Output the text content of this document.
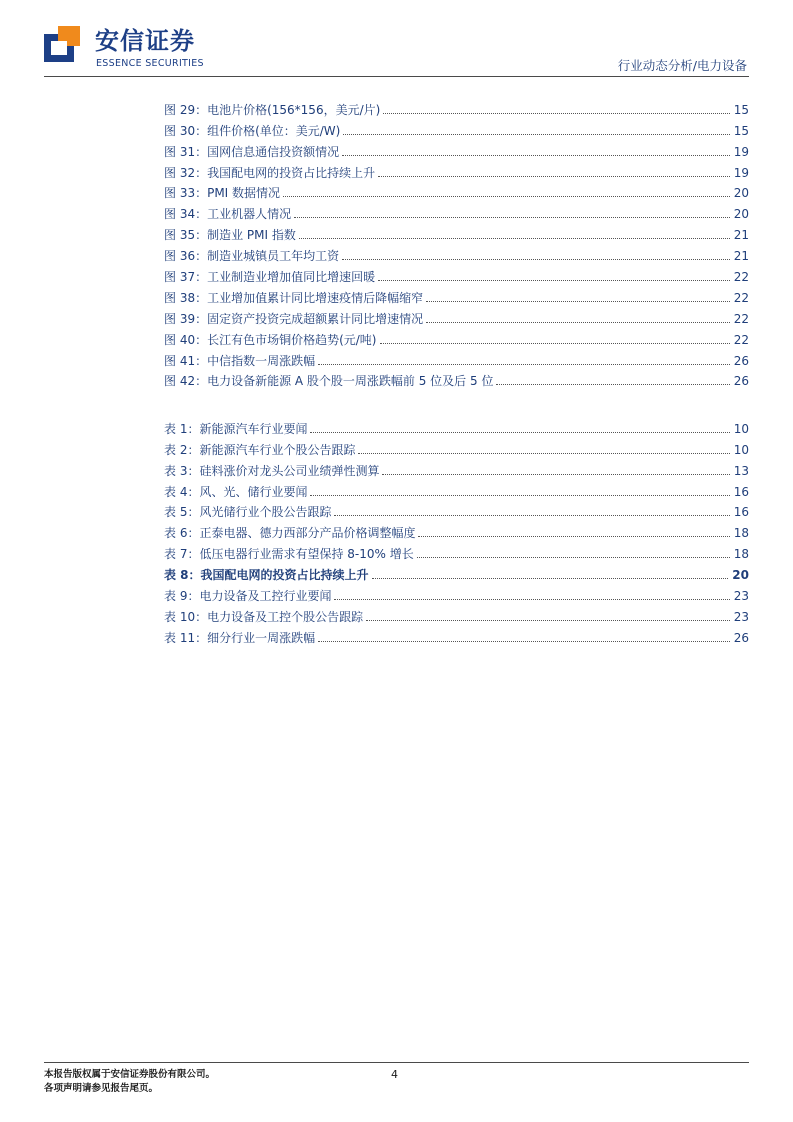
安信证券
ESSENCE SECURITIES	行业动态分析/电力设备
图 29：电池片价格(156*156，美元/片)	15
图 30：组件价格(单位：美元/W)	15
图 31：国网信息通信投资额情况	19
图 32：我国配电网的投资占比持续上升	19
图 33：PMI 数据情况	20
图 34：工业机器人情况	20
图 35：制造业 PMI 指数	21
图 36：制造业城镇员工年均工资	21
图 37：工业制造业增加值同比增速回暖	22
图 38：工业增加值累计同比增速疫情后降幅缩窄	22
图 39：固定资产投资完成超额累计同比增速情况	22
图 40：长江有色市场铜价格趋势(元/吨)	22
图 41：中信指数一周涨跌幅	26
图 42：电力设备新能源 A 股个股一周涨跌幅前 5 位及后 5 位	26
表 1：新能源汽车行业要闻	10
表 2：新能源汽车行业个股公告跟踪	10
表 3：硅料涨价对龙头公司业绩弹性测算	13
表 4：风、光、储行业要闻	16
表 5：风光储行业个股公告跟踪	16
表 6：正泰电器、德力西部分产品价格调整幅度	18
表 7：低压电器行业需求有望保持 8-10% 增长	18
表 8：我国配电网的投资占比持续上升	20
表 9：电力设备及工控行业要闻	23
表 10：电力设备及工控个股公告跟踪	23
表 11：细分行业一周涨跌幅	26
本报告版权属于安信证券股份有限公司。
各项声明请参见报告尾页。
4
